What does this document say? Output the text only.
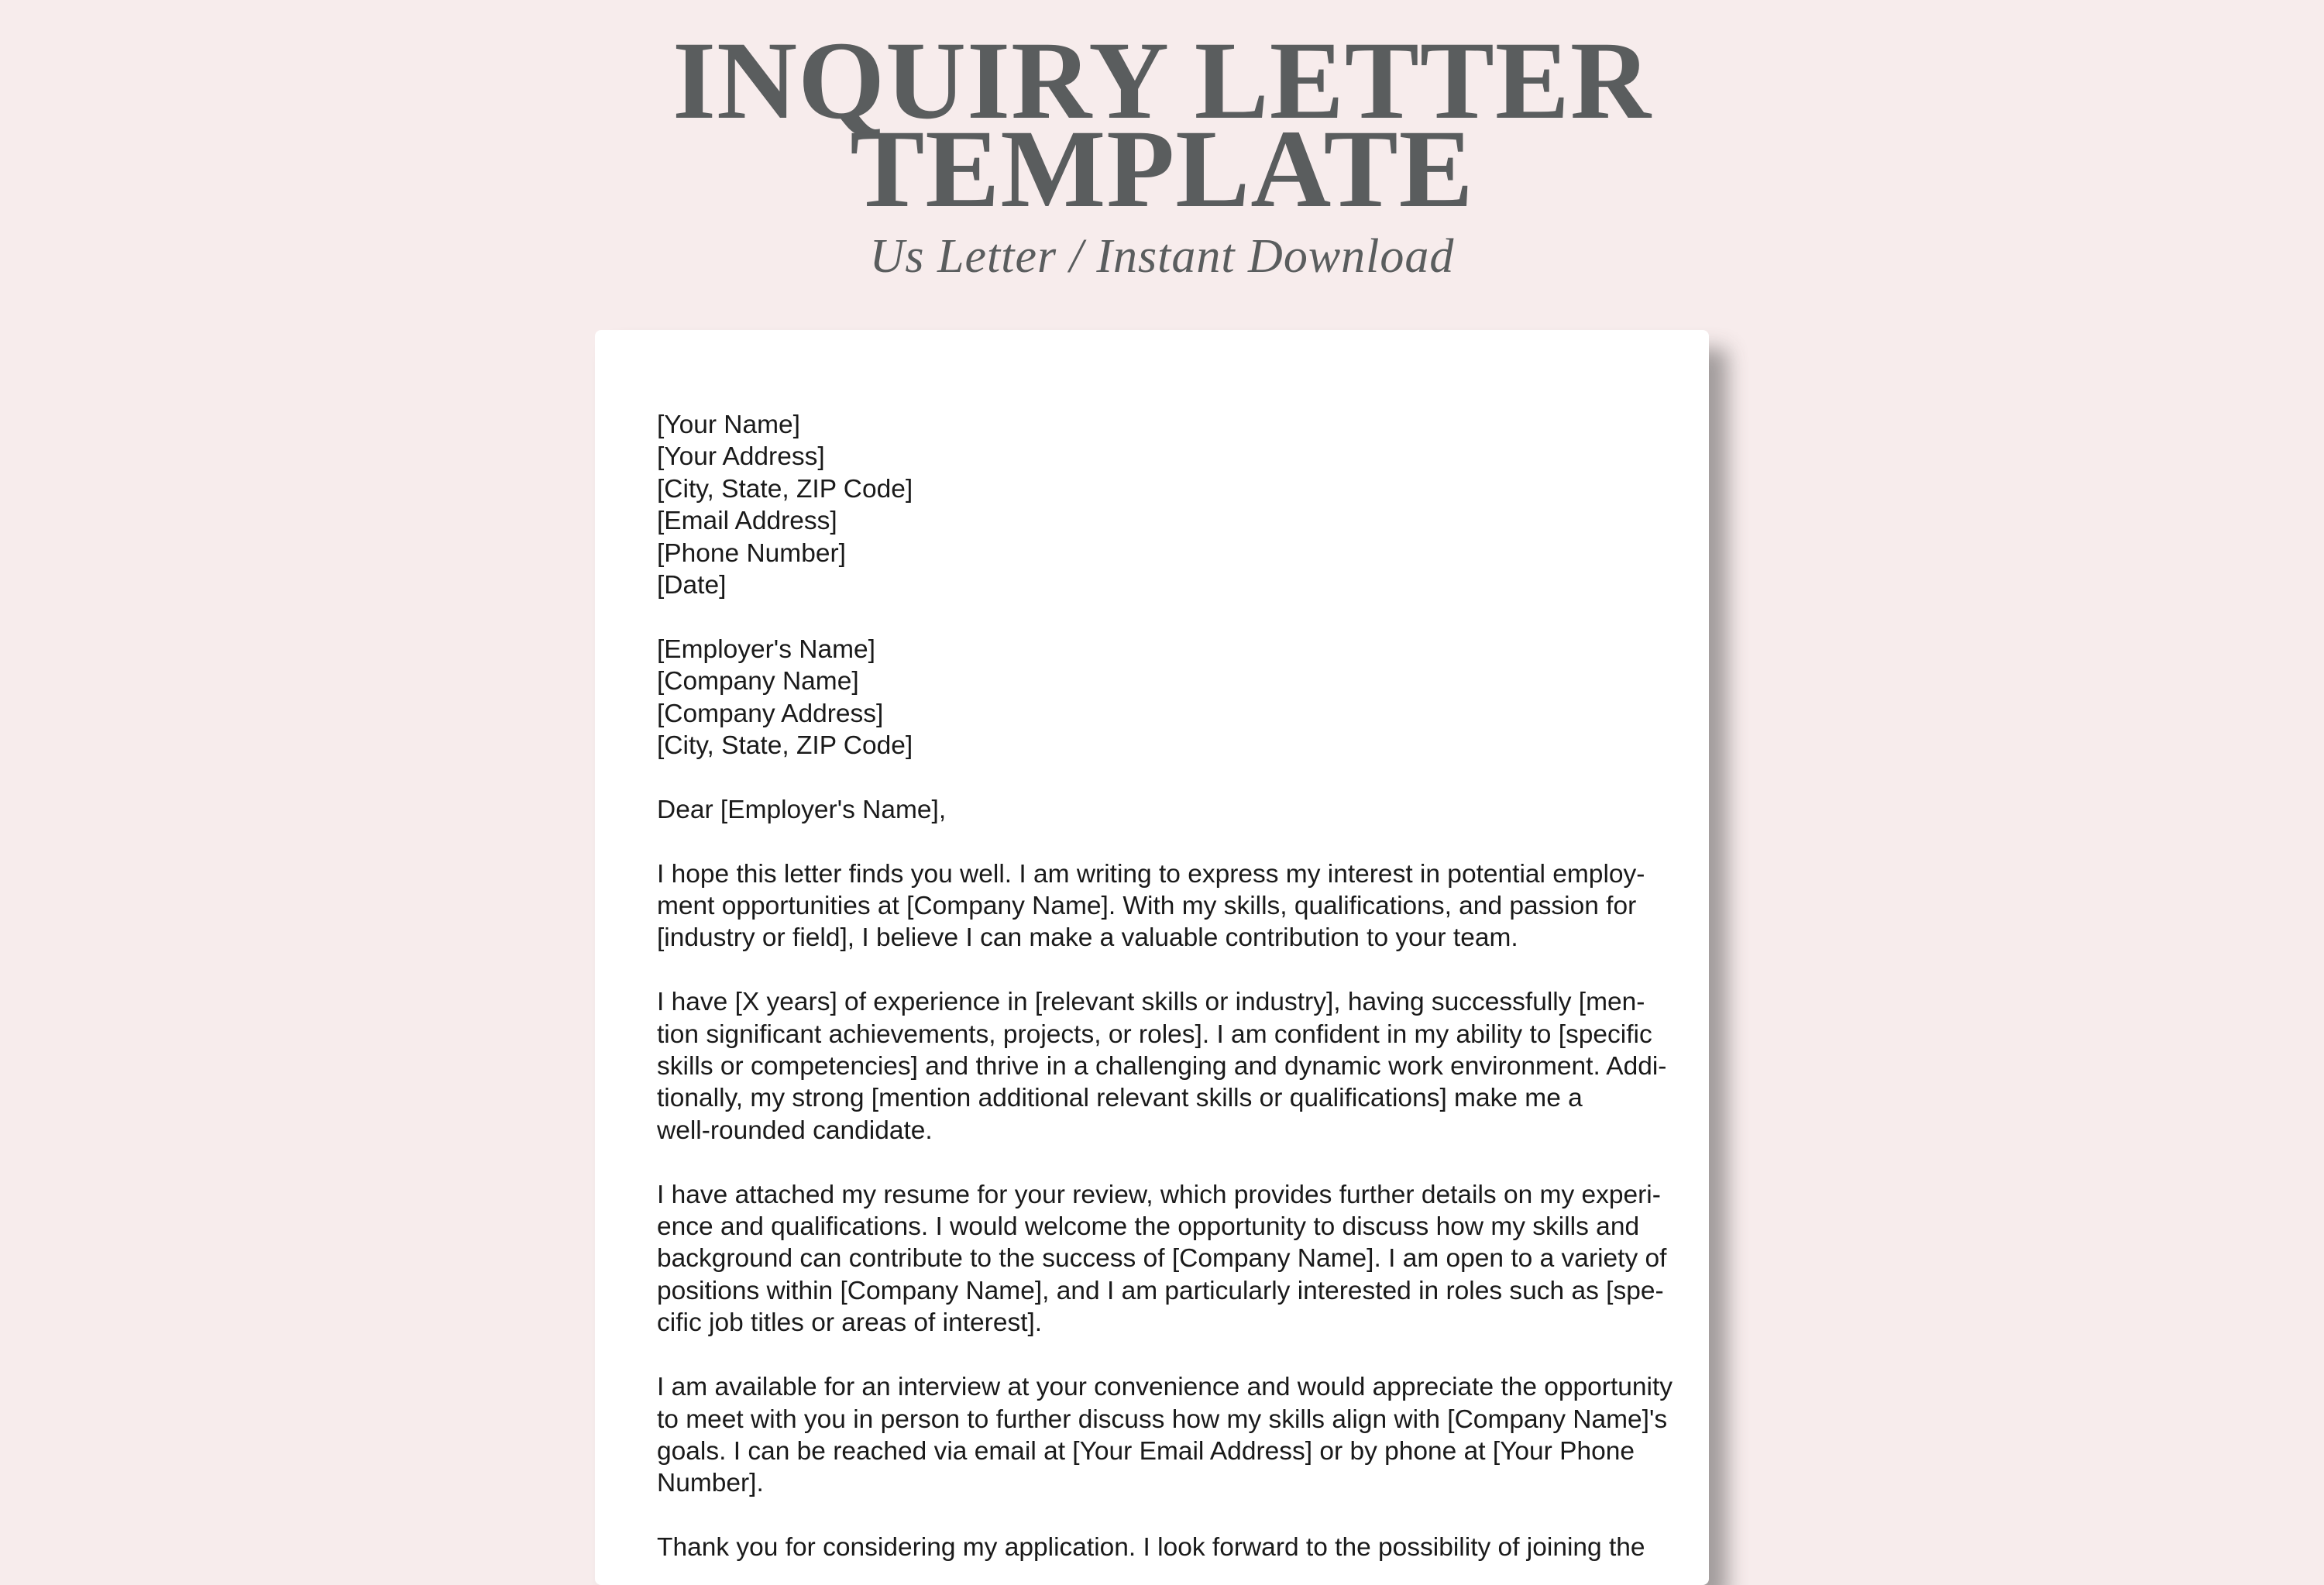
INQUIRY LETTER
TEMPLATE
Us Letter / Instant Download
[Your Name]
[Your Address]
[City, State, ZIP Code]
[Email Address]
[Phone Number]
[Date]
[Employer's Name]
[Company Name]
[Company Address]
[City, State, ZIP Code]
Dear [Employer's Name],
I hope this letter finds you well. I am writing to express my interest in potential employ-
ment opportunities at [Company Name]. With my skills, qualifications, and passion for
[industry or field], I believe I can make a valuable contribution to your team.
I have [X years] of experience in [relevant skills or industry], having successfully [men-
tion significant achievements, projects, or roles]. I am confident in my ability to [specific
skills or competencies] and thrive in a challenging and dynamic work environment. Addi-
tionally, my strong [mention additional relevant skills or qualifications] make me a
well-rounded candidate.
I have attached my resume for your review, which provides further details on my experi-
ence and qualifications. I would welcome the opportunity to discuss how my skills and
background can contribute to the success of [Company Name]. I am open to a variety of
positions within [Company Name], and I am particularly interested in roles such as [spe-
cific job titles or areas of interest].
I am available for an interview at your convenience and would appreciate the opportunity
to meet with you in person to further discuss how my skills align with [Company Name]'s
goals. I can be reached via email at [Your Email Address] or by phone at [Your Phone
Number].
Thank you for considering my application. I look forward to the possibility of joining the
